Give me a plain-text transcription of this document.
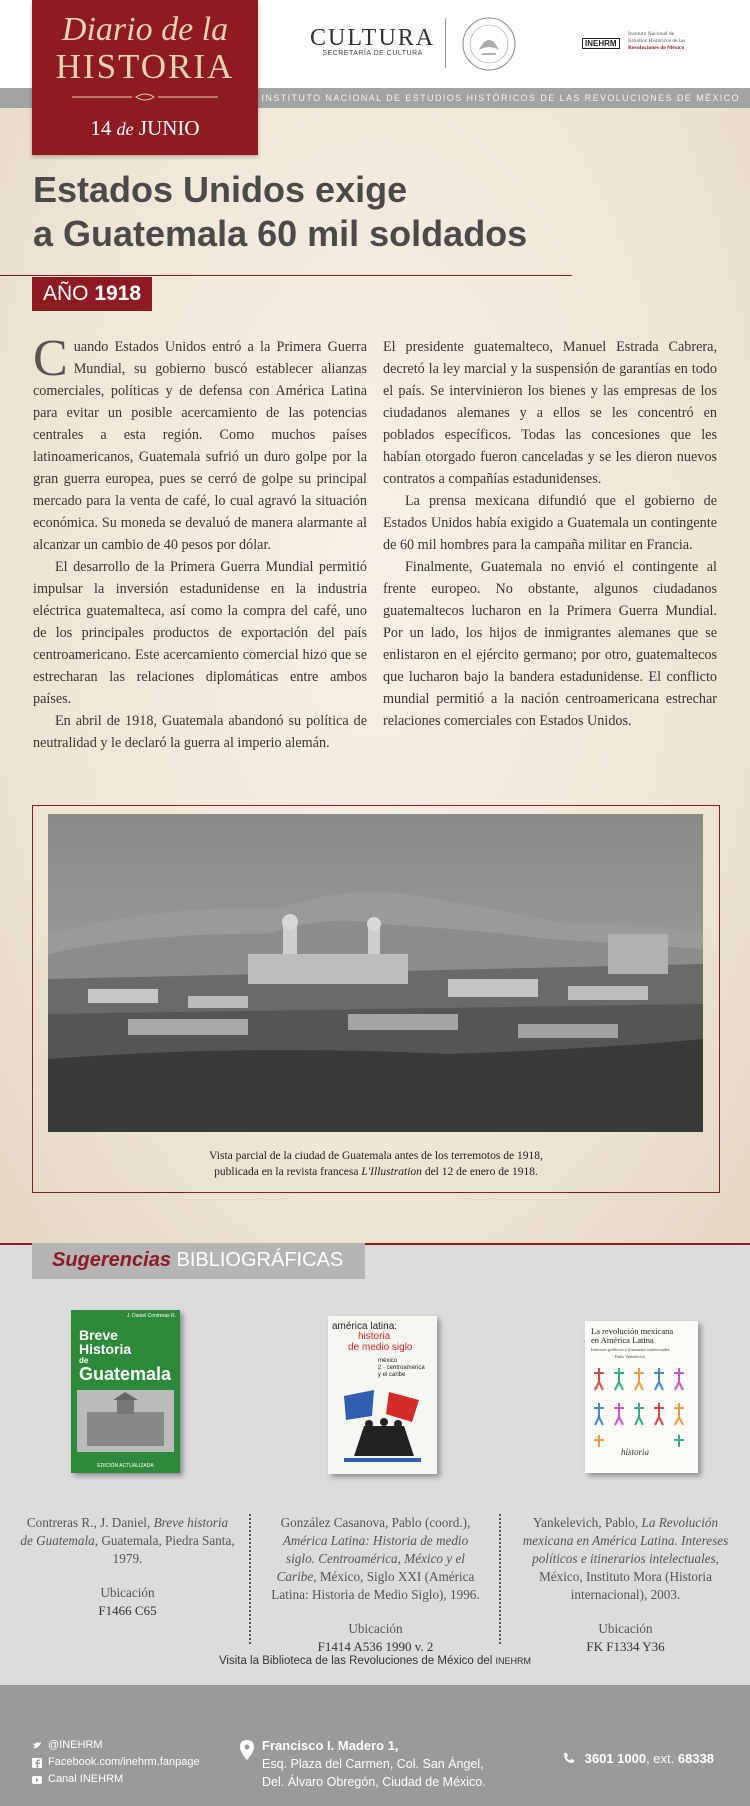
CULTURA
SECRETARÍA DE CULTURA
INEHRM
Instituto Nacional de
Estudios Históricos de las
Revoluciones de México
INSTITUTO NACIONAL DE ESTUDIOS HISTÓRICOS DE LAS REVOLUCIONES DE MÉXICO
Diario de la
HISTORIA
14 de JUNIO
Estados Unidos exige
a Guatemala 60 mil soldados
AÑO 1918

Cuando Estados Unidos entró a la Primera Guerra Mundial, su gobierno buscó establecer alianzas comerciales, políticas y de defensa con América Latina para evitar un posible acercamiento de las potencias centrales a esta región. Como muchos países latinoamericanos, Guatemala sufrió un duro golpe por la gran guerra europea, pues se cerró de golpe su principal mercado para la venta de café, lo cual agravó la situación económica. Su moneda se devaluó de manera alarmante al alcanzar un cambio de 40 pesos por dólar.

El desarrollo de la Primera Guerra Mundial permitió impulsar la inversión estadunidense en la industria eléctrica guatemalteca, así como la compra del café, uno de los principales productos de exportación del país centroamericano. Este acercamiento comercial hizo que se estrecharan las relaciones diplomáticas entre ambos países.

En abril de 1918, Guatemala abandonó su política de neutralidad y le declaró la guerra al imperio alemán.

El presidente guatemalteco, Manuel Estrada Cabrera, decretó la ley marcial y la suspensión de garantías en todo el país. Se intervinieron los bienes y las empresas de los ciudadanos alemanes y a ellos se les concentró en poblados específicos. Todas las concesiones que les habían otorgado fueron canceladas y se les dieron nuevos contratos a compañías estadunidenses.

La prensa mexicana difundió que el gobierno de Estados Unidos había exigido a Guatemala un contingente de 60 mil hombres para la campaña militar en Francia.

Finalmente, Guatemala no envió el contingente al frente europeo. No obstante, algunos ciudadanos guatemaltecos lucharon en la Primera Guerra Mundial. Por un lado, los hijos de inmigrantes alemanes que se enlistaron en el ejército germano; por otro, guatemaltecos que lucharon bajo la bandera estadunidense. El conflicto mundial permitió a la nación centroamericana estrechar relaciones comerciales con Estados Unidos.

Vista parcial de la ciudad de Guatemala antes de los terremotos de 1918,
publicada en la revista francesa L'Illustration del 12 de enero de 1918.
Sugerencias BIBLIOGRÁFICAS
J. Daniel Contreras R.
Breve
Historia
de
Guatemala
EDICIÓN ACTUALIZADA
américa latina:
historia
de medio siglo
méxico
2 · centroamérica
y el caribe
La revolución mexicana
en América Latina
Intereses políticos e itinerarios intelectuales
Pablo Yankelevich
historia
Contreras R., J. Daniel, Breve historia de Guatemala, Guatemala, Piedra Santa, 1979.
Ubicación
F1466 C65
González Casanova, Pablo (coord.), América Latina: Historia de medio siglo. Centroamérica, México y el Caribe, México, Siglo XXI (América Latina: Historia de Medio Siglo), 1996.
Ubicación
F1414 A536 1990 v. 2
Yankelevich, Pablo, La Revolución mexicana en América Latina. Intereses políticos e itinerarios intelectuales, México, Instituto Mora (Historia internacional), 2003.
Ubicación
FK F1334 Y36
Visita la Biblioteca de las Revoluciones de México del INEHRM
@INEHRM
Facebook.com/inehrm.fanpage
Canal INEHRM
Francisco I. Madero 1,
Esq. Plaza del Carmen, Col. San Ángel,
Del. Álvaro Obregón, Ciudad de México.
3601 1000, ext. 68338
